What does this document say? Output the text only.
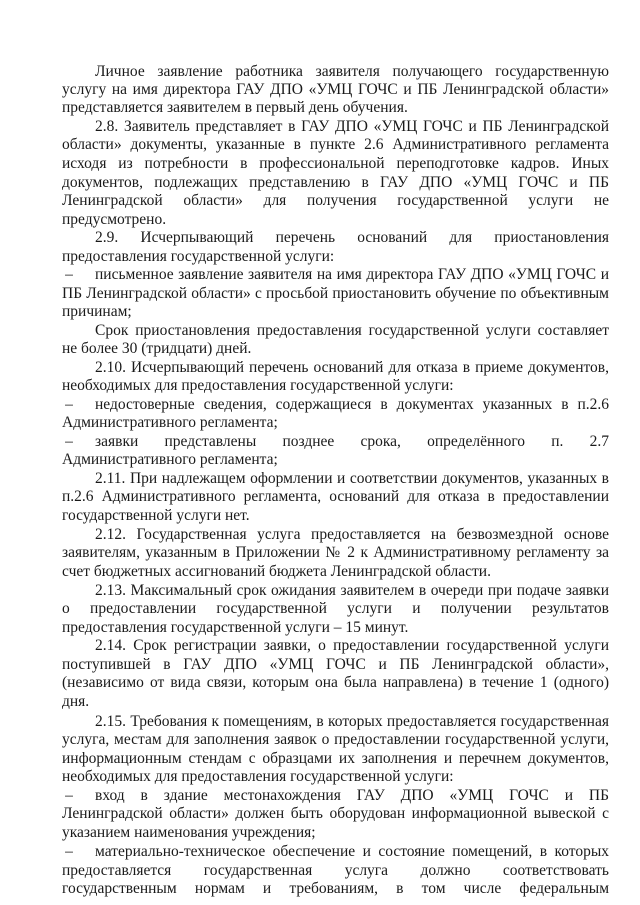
Личное заявление работника заявителя получающего государственную
услугу на имя директора ГАУ ДПО «УМЦ ГОЧС и ПБ Ленинградской области»
представляется заявителем в первый день обучения.
2.8. Заявитель представляет в ГАУ ДПО «УМЦ ГОЧС и ПБ Ленинградской
области» документы, указанные в пункте 2.6 Административного регламента
исходя из потребности в профессиональной переподготовке кадров. Иных
документов, подлежащих представлению в ГАУ ДПО «УМЦ ГОЧС и ПБ
Ленинградской области» для получения государственной услуги не
предусмотрено.
2.9. Исчерпывающий перечень оснований для приостановления
предоставления государственной услуги:
–	письменное заявление заявителя на имя директора ГАУ ДПО «УМЦ ГОЧС и
ПБ Ленинградской области» с просьбой приостановить обучение по объективным
причинам;
Срок приостановления предоставления государственной услуги составляет
не более 30 (тридцати) дней.
2.10. Исчерпывающий перечень оснований для отказа в приеме документов,
необходимых для предоставления государственной услуги:
–	недостоверные сведения, содержащиеся в документах указанных в п.2.6
Административного регламента;
–	заявки представлены позднее срока, определённого п. 2.7
Административного регламента;
2.11. При надлежащем оформлении и соответствии документов, указанных в
п.2.6 Административного регламента, оснований для отказа в предоставлении
государственной услуги нет.
2.12. Государственная услуга предоставляется на безвозмездной основе
заявителям, указанным в Приложении № 2 к Административному регламенту за
счет бюджетных ассигнований бюджета Ленинградской области.
2.13. Максимальный срок ожидания заявителем в очереди при подаче заявки
о предоставлении государственной услуги и получении результатов
предоставления государственной услуги – 15 минут.
2.14. Срок регистрации заявки, о предоставлении государственной услуги
поступившей в ГАУ ДПО «УМЦ ГОЧС и ПБ Ленинградской области»,
(независимо от вида связи, которым она была направлена) в течение 1 (одного)
дня.
2.15. Требования к помещениям, в которых предоставляется государственная
услуга, местам для заполнения заявок о предоставлении государственной услуги,
информационным стендам с образцами их заполнения и перечнем документов,
необходимых для предоставления государственной услуги:
–	вход в здание местонахождения ГАУ ДПО «УМЦ ГОЧС и ПБ
Ленинградской области» должен быть оборудован информационной вывеской с
указанием наименования учреждения;
–	материально-техническое обеспечение и состояние помещений, в которых
предоставляется государственная услуга должно соответствовать
государственным нормам и требованиям, в том числе федеральным
